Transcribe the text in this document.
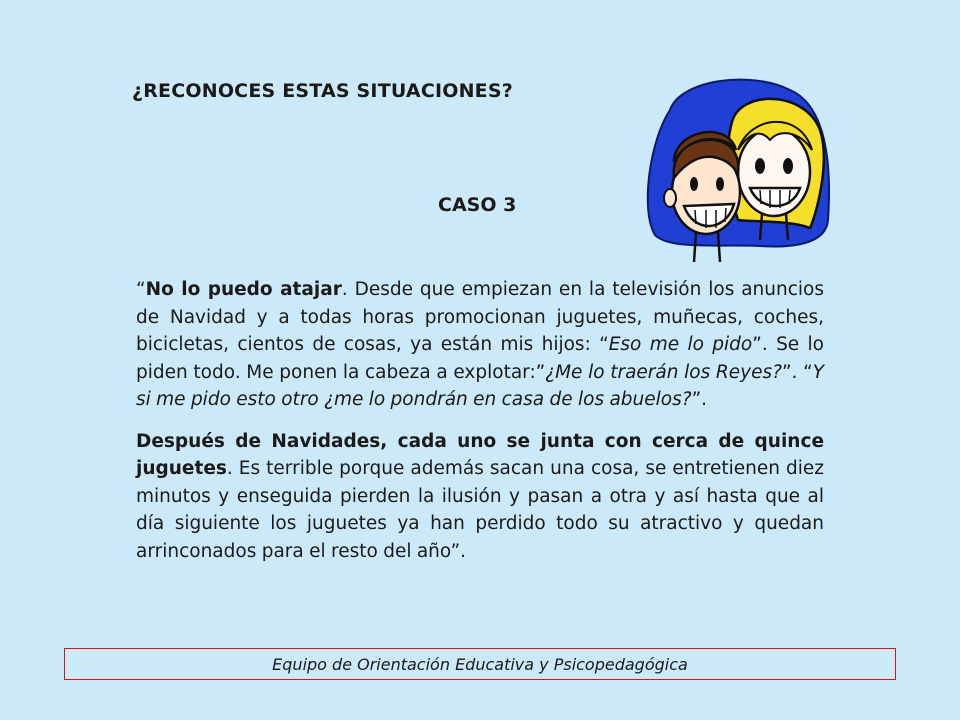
¿RECONOCES ESTAS SITUACIONES?
CASO 3

“No lo puedo atajar. Desde que empiezan en la televisión los anuncios de Navidad y a todas horas promocionan juguetes, muñecas, coches, bicicletas, cientos de cosas, ya están mis hijos: “Eso me lo pido”. Se lo piden todo. Me ponen la cabeza a explotar:”¿Me lo traerán los Reyes?”. “Y si me pido esto otro ¿me lo pondrán en casa de los abuelos?”.

Después de Navidades, cada uno se junta con cerca de quince juguetes. Es terrible porque además sacan una cosa, se entretienen diez minutos y enseguida pierden la ilusión y pasan a otra y así hasta que al día siguiente los juguetes ya han perdido todo su atractivo y quedan arrinconados para el resto del año”.

Equipo de Orientación Educativa y Psicopedagógica
